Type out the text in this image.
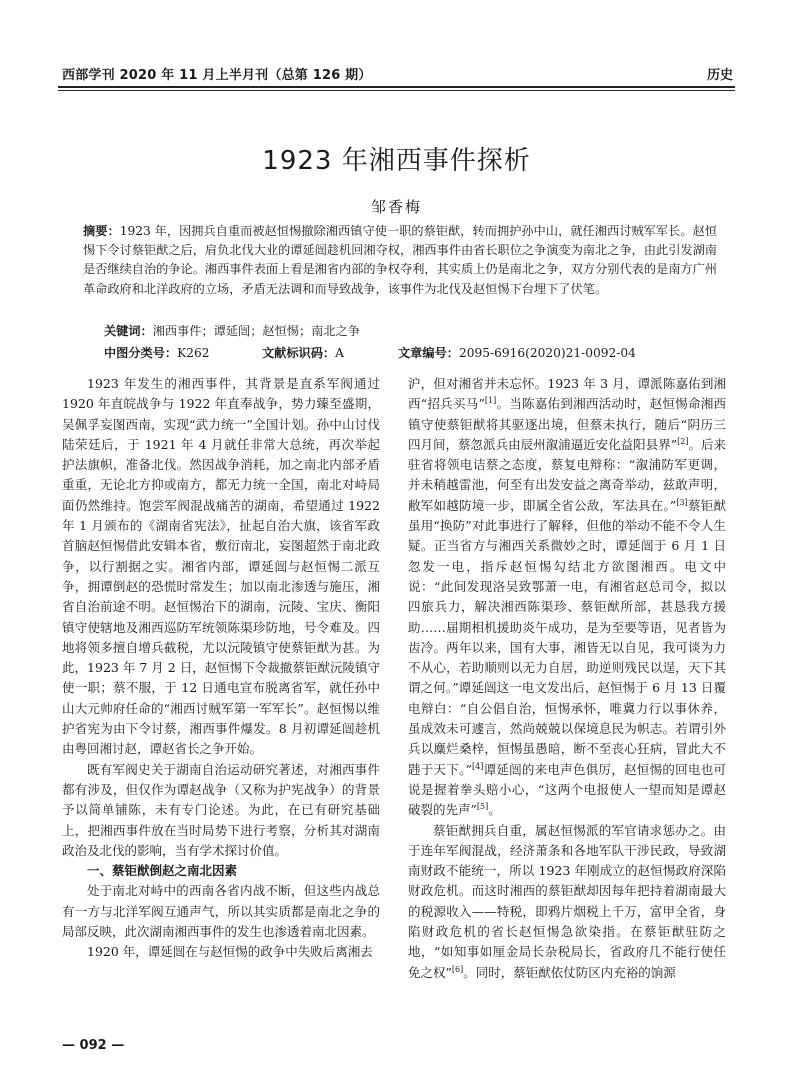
西部学刊 2020 年 11 月上半月刊（总第 126 期）	历史
1923 年湘西事件探析
邹香梅

摘要：1923 年，因拥兵自重而被赵恒惕撤除湘西镇守使一职的蔡钜猷，转而拥护孙中山，就任湘西讨贼军军长。赵恒惕下令讨蔡钜猷之后，肩负北伐大业的谭延闿趁机回湘夺权，湘西事件由省长职位之争演变为南北之争，由此引发湖南是否继续自治的争论。湘西事件表面上看是湘省内部的争权夺利，其实质上仍是南北之争，双方分别代表的是南方广州革命政府和北洋政府的立场，矛盾无法调和而导致战争，该事件为北伐及赵恒惕下台埋下了伏笔。

关键词：湘西事件；谭延闿；赵恒惕；南北之争
中图分类号：K262	文献标识码：A	文章编号：2095-6916(2020)21-0092-04

1923 年发生的湘西事件，其背景是直系军阀通过 1920 年直皖战争与 1922 年直奉战争，势力臻至盛期，吴佩孚妄图西南，实现“武力统一”全国计划。孙中山讨伐陆荣廷后，于 1921 年 4 月就任非常大总统，再次举起护法旗帜，准备北伐。然因战争消耗，加之南北内部矛盾重重，无论北方抑或南方，都无力统一全国，南北对峙局面仍然维持。饱尝军阀混战痛苦的湖南，希望通过 1922 年 1 月颁布的《湖南省宪法》，扯起自治大旗，该省军政首脑赵恒惕借此安辑本省，敷衍南北，妄图超然于南北政争，以行割据之实。湘省内部，谭延闿与赵恒惕二派互争，拥谭倒赵的恐慌时常发生；加以南北渗透与施压，湘省自治前途不明。赵恒惕治下的湖南，沅陵、宝庆、衡阳镇守使辖地及湘西巡防军统领陈渠珍防地，号令难及。四地将领多擅自增兵截税，尤以沅陵镇守使蔡钜猷为甚。为此，1923 年 7 月 2 日，赵恒惕下令裁撤蔡钜猷沅陵镇守使一职；蔡不服，于 12 日通电宣布脱离省军，就任孙中山大元帅府任命的“湘西讨贼军第一军军长”。赵恒惕以维护省宪为由下令讨蔡，湘西事件爆发。8 月初谭延闿趁机由粤回湘讨赵，谭赵省长之争开始。

既有军阀史关于湖南自治运动研究著述，对湘西事件都有涉及，但仅作为谭赵战争（又称为护宪战争）的背景予以简单铺陈，未有专门论述。为此，在已有研究基础上，把湘西事件放在当时局势下进行考察，分析其对湖南政治及北伐的影响，当有学术探讨价值。

一、蔡钜猷倒赵之南北因素

处于南北对峙中的西南各省内战不断，但这些内战总有一方与北洋军阀互通声气，所以其实质都是南北之争的局部反映，此次湖南湘西事件的发生也渗透着南北因素。

1920 年，谭延闿在与赵恒惕的政争中失败后离湘去

沪，但对湘省并未忘怀。1923 年 3 月，谭派陈嘉佑到湘西“招兵买马”[1]。当陈嘉佑到湘西活动时，赵恒惕命湘西镇守使蔡钜猷将其驱逐出境，但蔡未执行，随后“阴历三四月间，蔡忽派兵由辰州溆浦逼近安化益阳县界”[2]。后来驻省将领电诘蔡之态度，蔡复电辩称：“溆浦防军更调，并未稍越雷池，何至有出发安益之离奇举动，兹敢声明，敝军如越防境一步，即属全省公敌，军法具在。”[3]蔡钜猷虽用“换防”对此事进行了解释，但他的举动不能不令人生疑。正当省方与湘西关系微妙之时，谭延闿于 6 月 1 日忽发一电，指斥赵恒惕勾结北方欲图湘西。电文中说：“此间发现洛吴致鄂萧一电，有湘省赵总司令，拟以四旅兵力，解决湘西陈渠珍、蔡钜猷所部，甚恳我方援助……届期相机援助炎午成功，是为至要等语，见者皆为齿冷。两年以来，国有大事，湘皆无以自见，我可谈为力不从心，若助顺则以无力自居，助逆则残民以逞，天下其谓之何。”谭延闿这一电文发出后，赵恒惕于 6 月 13 日覆电辩白：“自公倡自治，恒惕承怀，唯冀力行以事休养，虽成效未可遽言，然尚兢兢以保境息民为帜志。若谓引外兵以麋烂桑梓，恒惕虽愚暗，断不至丧心狂病，冒此大不韪于天下。”[4]谭延闿的来电声色俱厉，赵恒惕的回电也可说是握着拳头赔小心，“这两个电报使人一望而知是谭赵破裂的先声”[5]。

蔡钜猷拥兵自重，属赵恒惕派的军官请求惩办之。由于连年军阀混战，经济萧条和各地军队干涉民政，导致湖南财政不能统一，所以 1923 年刚成立的赵恒惕政府深陷财政危机。而这时湘西的蔡钜猷却因每年把持着湖南最大的税源收入——特税，即鸦片烟税上千万，富甲全省，身陷财政危机的省长赵恒惕急欲染指。在蔡钜猷驻防之地，“如知事如厘金局长杂税局长，省政府几不能行使任免之权”[6]。同时，蔡钜猷依仗防区内充裕的饷源

— 092 —
